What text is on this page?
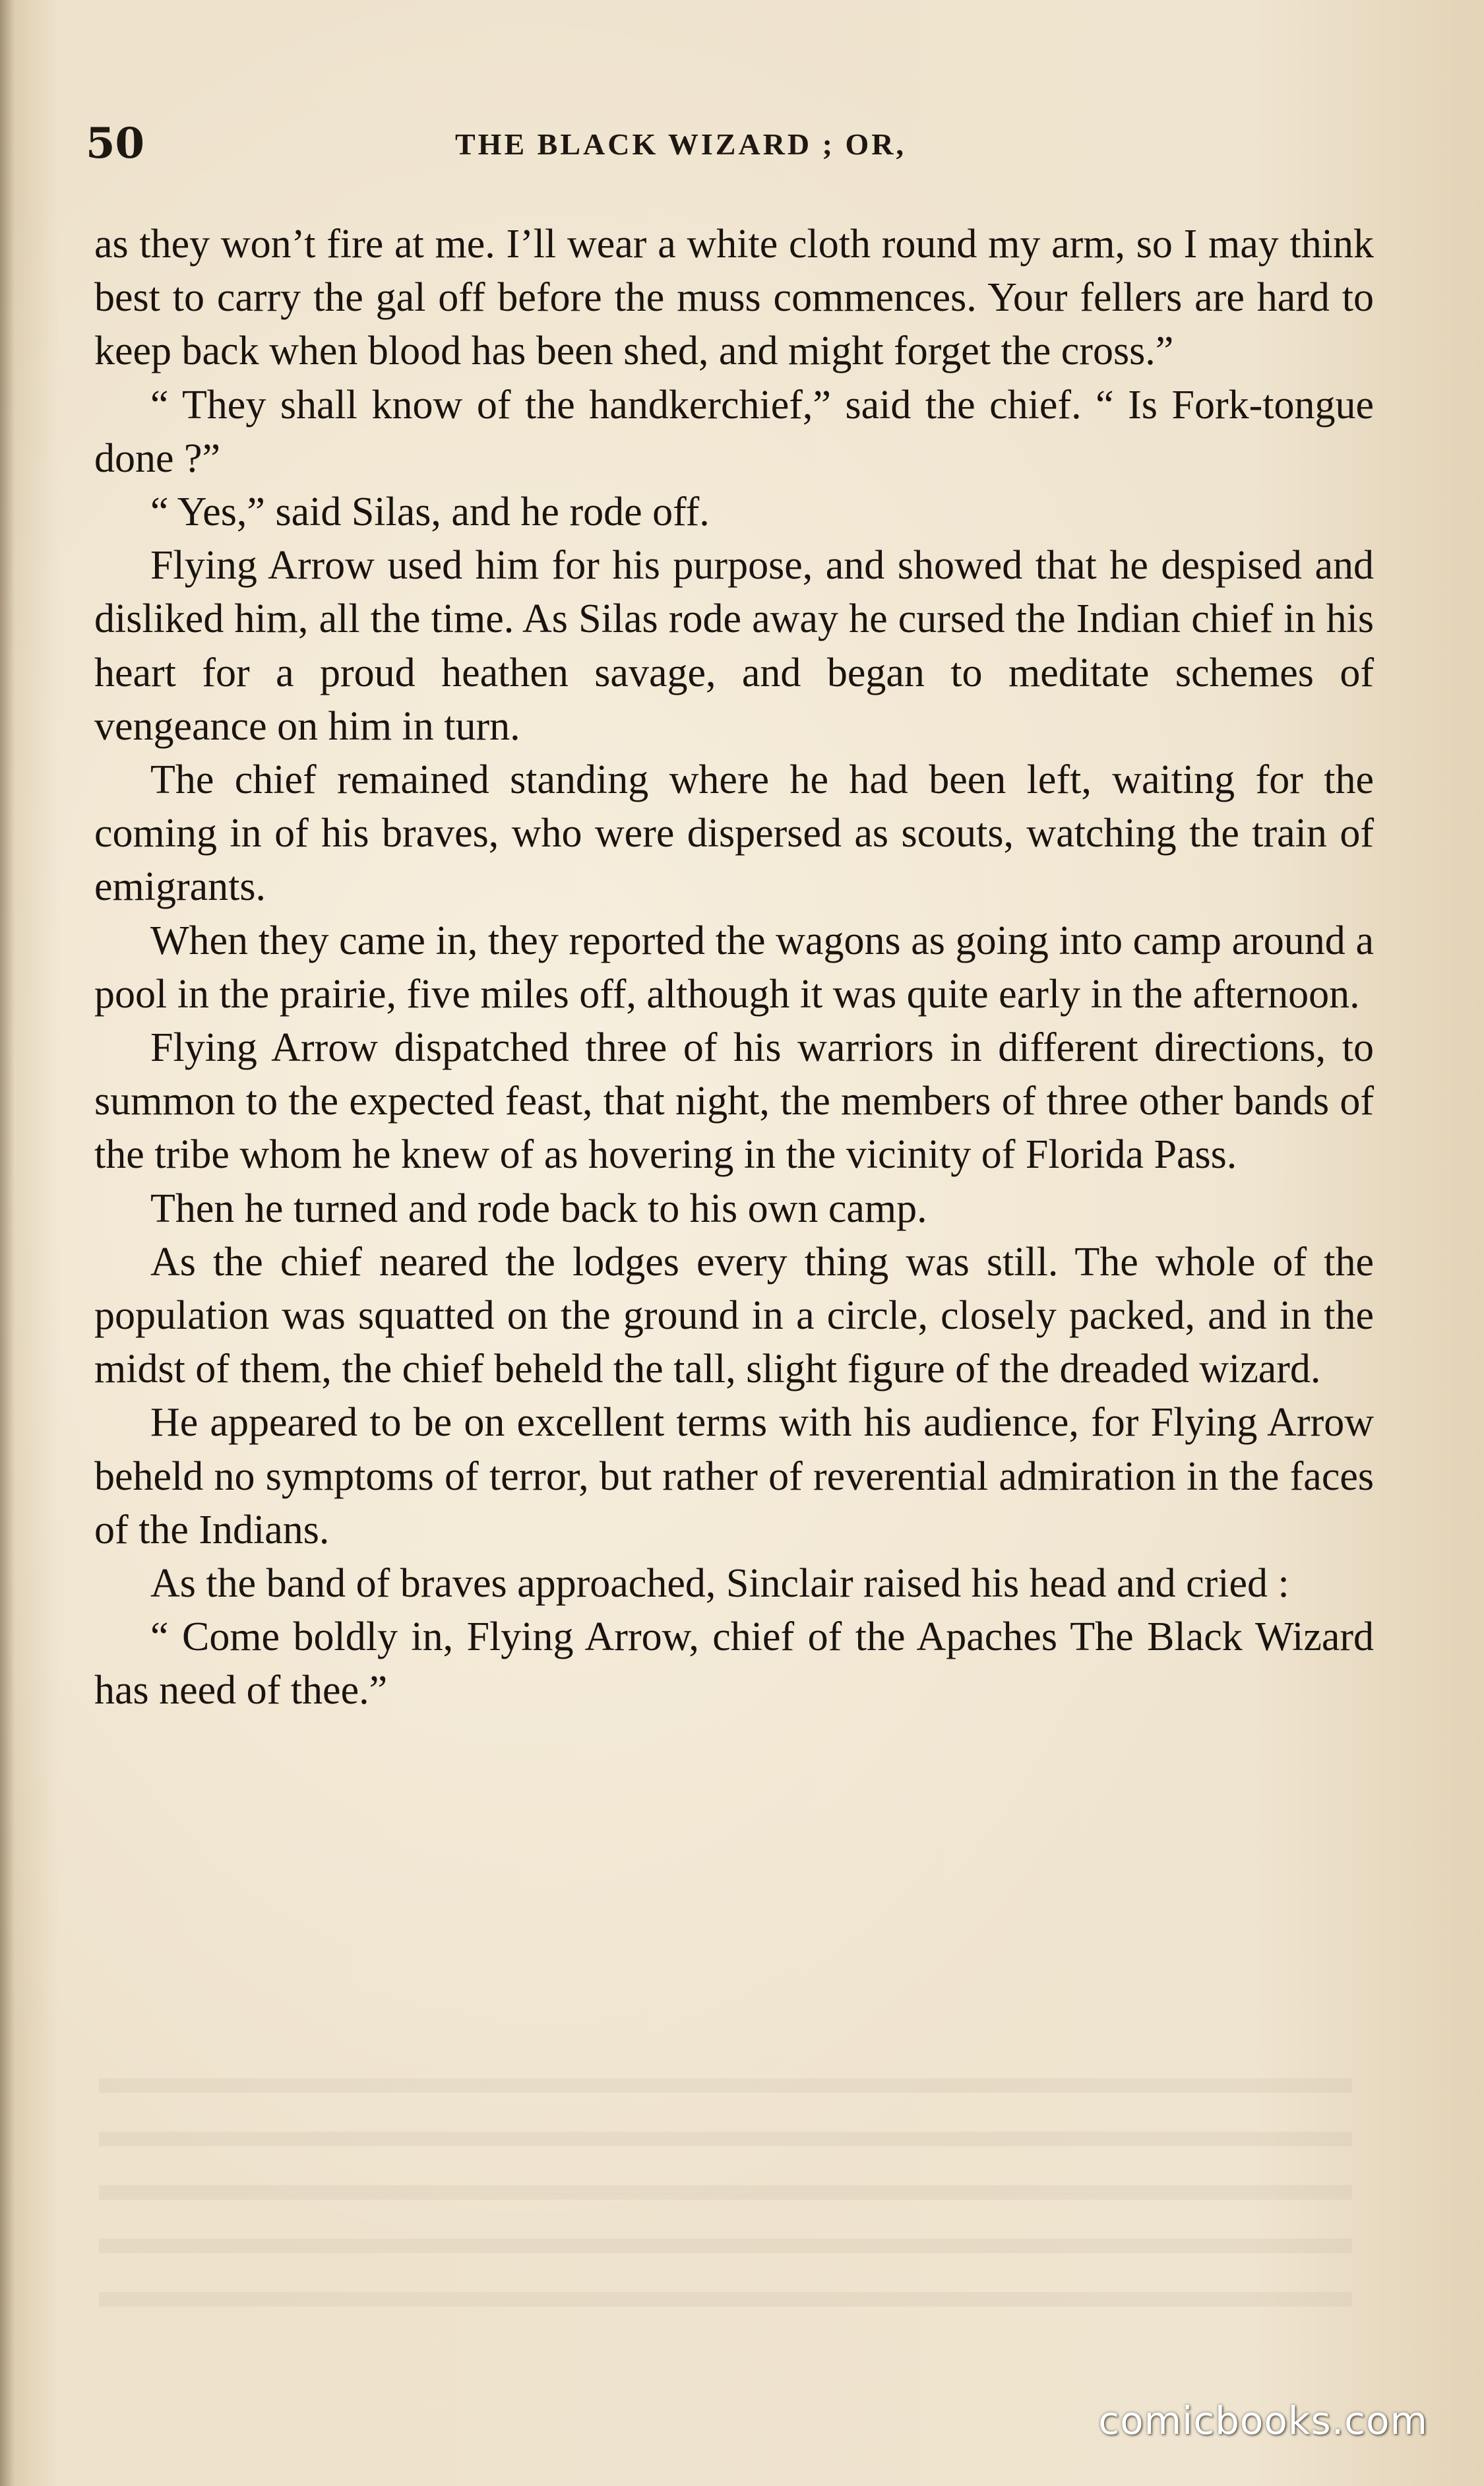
50	THE BLACK WIZARD ; OR,

as they won’t fire at me. I’ll wear a white cloth round my arm, so I may think best to carry the gal off before the muss commences. Your fellers are hard to keep back when blood has been shed, and might forget the cross.”

“ They shall know of the handkerchief,” said the chief. “ Is Fork-tongue done ?”

“ Yes,” said Silas, and he rode off.

Flying Arrow used him for his purpose, and showed that he despised and disliked him, all the time. As Silas rode away he cursed the Indian chief in his heart for a proud heathen savage, and began to meditate schemes of vengeance on him in turn.

The chief remained standing where he had been left, waiting for the coming in of his braves, who were dispersed as scouts, watching the train of emigrants.

When they came in, they reported the wagons as going into camp around a pool in the prairie, five miles off, although it was quite early in the afternoon.

Flying Arrow dispatched three of his warriors in different directions, to summon to the expected feast, that night, the members of three other bands of the tribe whom he knew of as hovering in the vicinity of Florida Pass.

Then he turned and rode back to his own camp.

As the chief neared the lodges every thing was still. The whole of the population was squatted on the ground in a circle, closely packed, and in the midst of them, the chief beheld the tall, slight figure of the dreaded wizard.

He appeared to be on excellent terms with his audience, for Flying Arrow beheld no symptoms of terror, but rather of reverential admiration in the faces of the Indians.

As the band of braves approached, Sinclair raised his head and cried :

“ Come boldly in, Flying Arrow, chief of the Apaches The Black Wizard has need of thee.”

comicbooks.com
